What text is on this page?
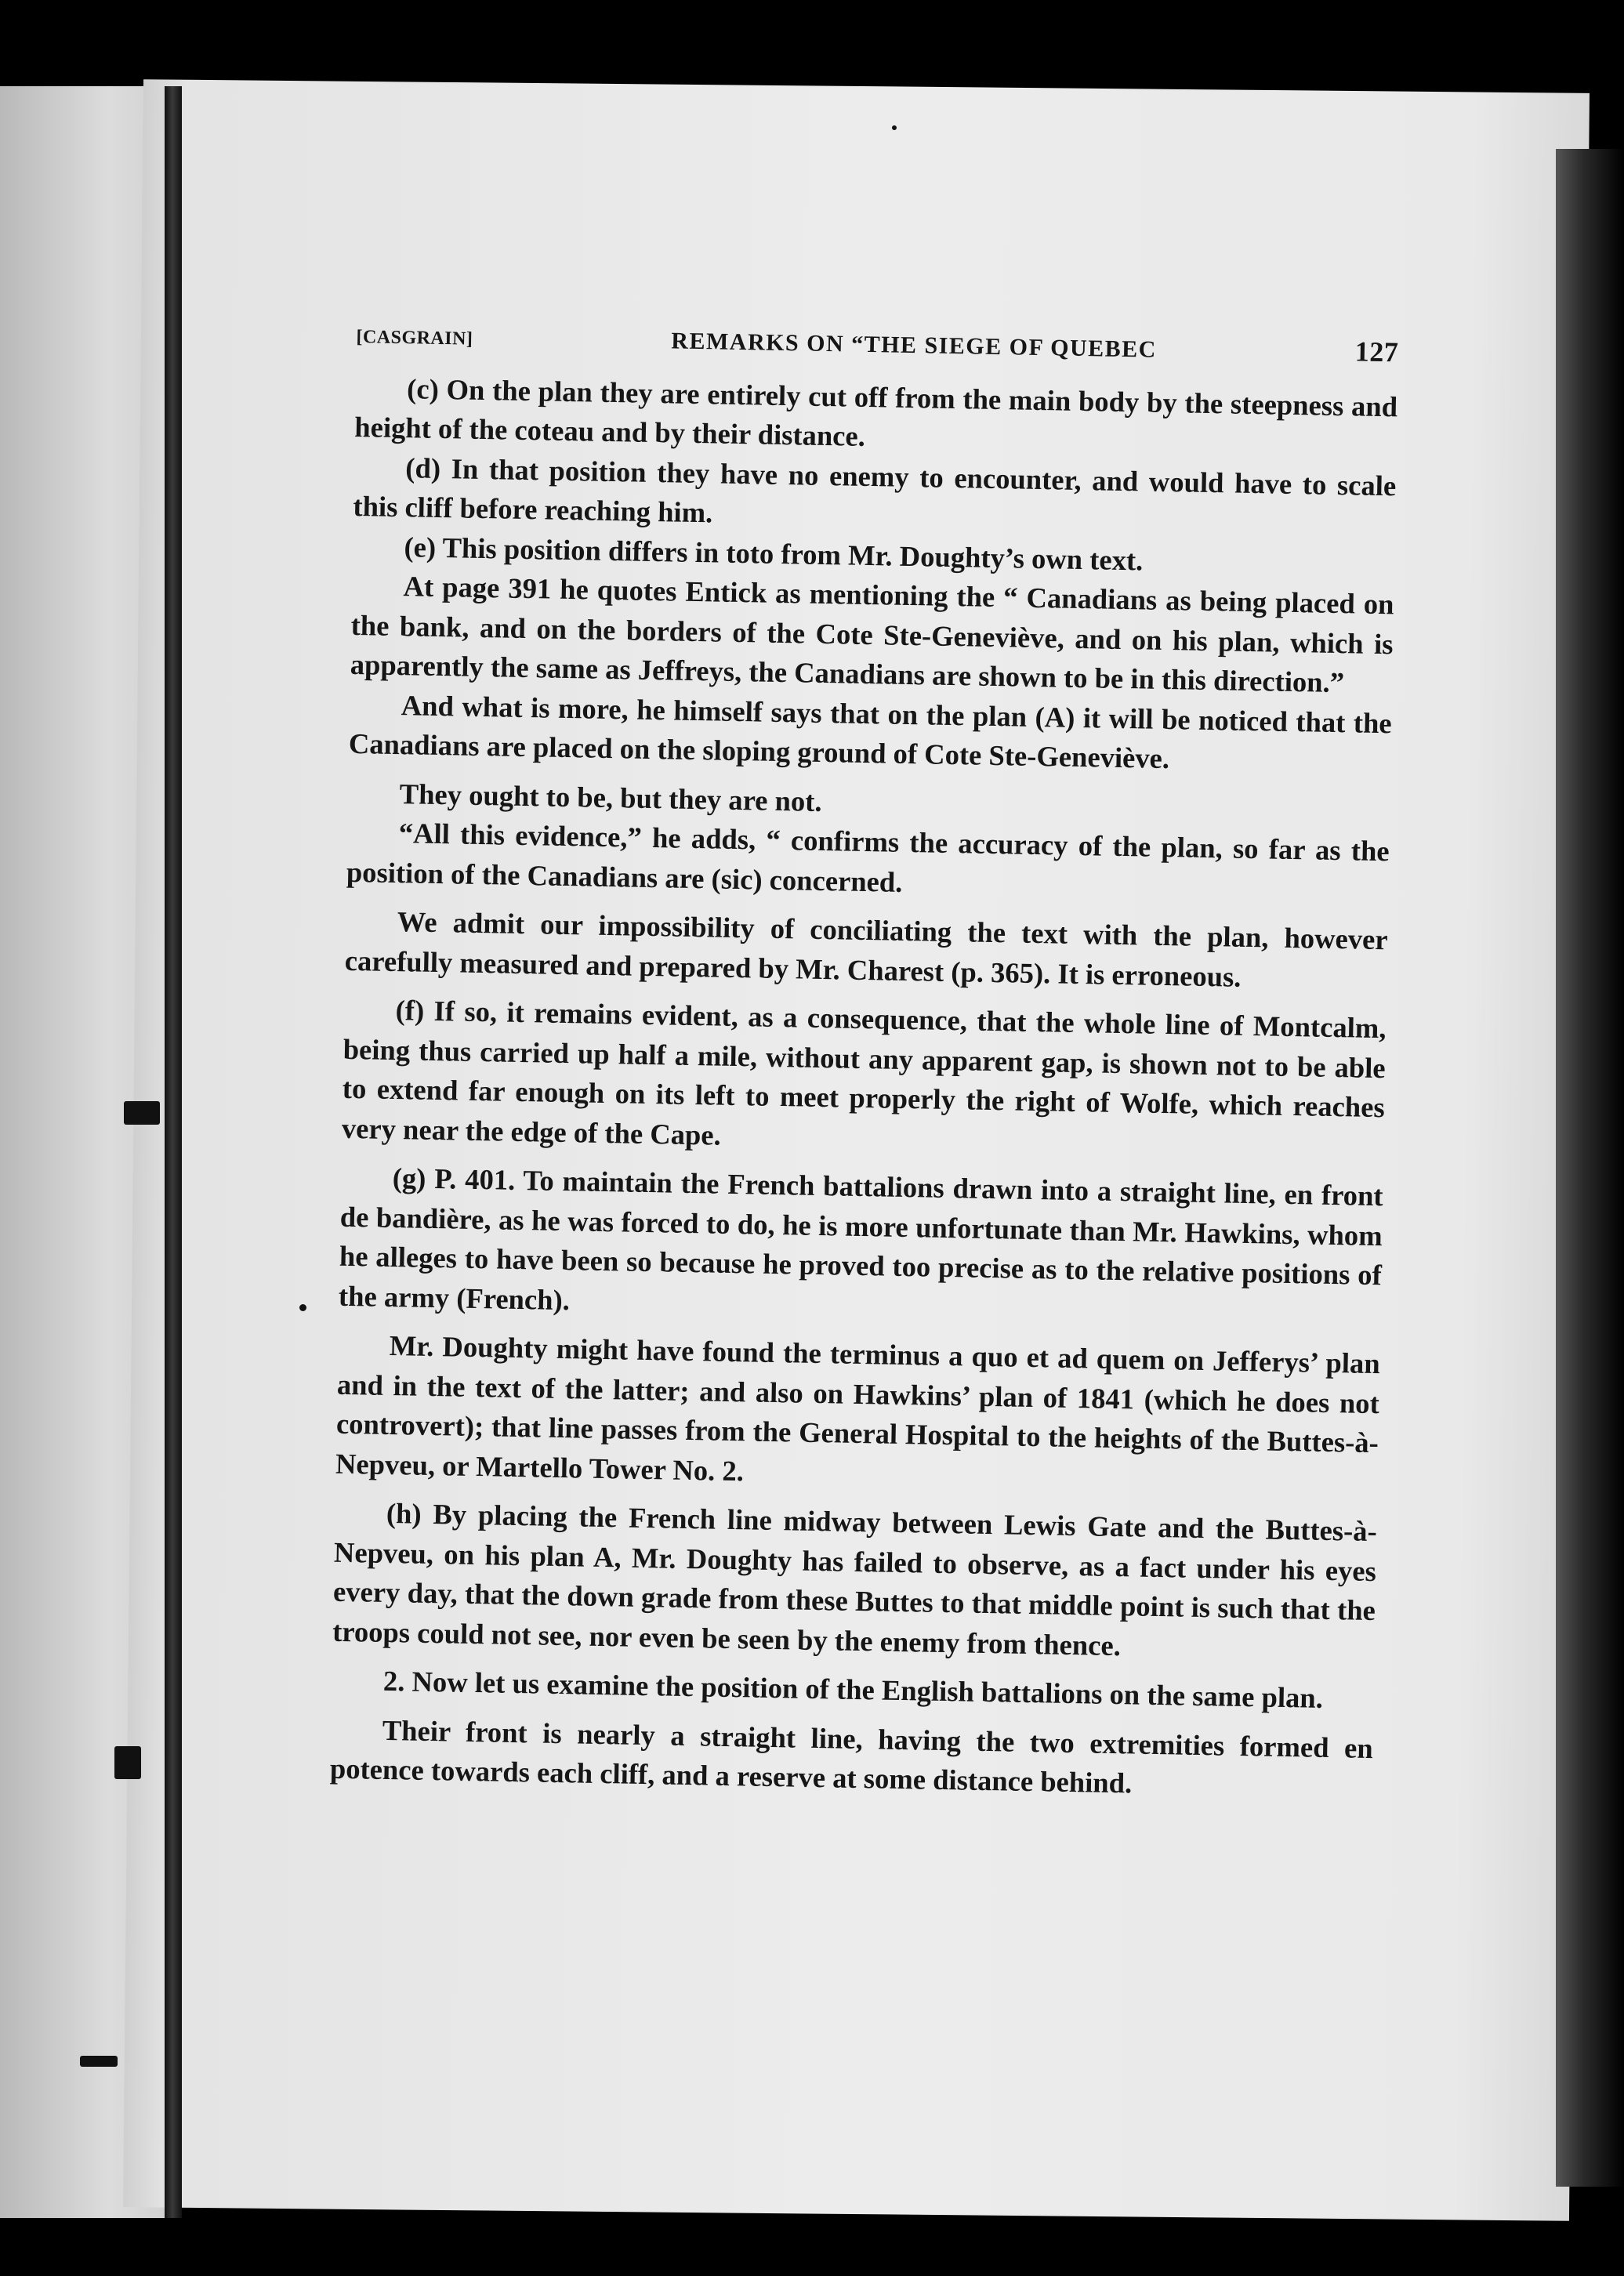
[CASGRAIN]	REMARKS ON “THE SIEGE OF QUEBEC	127

(c) On the plan they are entirely cut off from the main body by the steepness and height of the coteau and by their distance.

(d) In that position they have no enemy to encounter, and would have to scale this cliff before reaching him.

(e) This position differs in toto from Mr. Doughty’s own text.

At page 391 he quotes Entick as mentioning the “ Canadians as being placed on the bank, and on the borders of the Cote Ste-Geneviève, and on his plan, which is apparently the same as Jeffreys, the Canadians are shown to be in this direction.”

And what is more, he himself says that on the plan (A) it will be noticed that the Canadians are placed on the sloping ground of Cote Ste-Geneviève.

They ought to be, but they are not.

“All this evidence,” he adds, “ confirms the accuracy of the plan, so far as the position of the Canadians are (sic) concerned.

We admit our impossibility of conciliating the text with the plan, however carefully measured and prepared by Mr. Charest (p. 365). It is erroneous.

(f) If so, it remains evident, as a consequence, that the whole line of Montcalm, being thus carried up half a mile, without any apparent gap, is shown not to be able to extend far enough on its left to meet properly the right of Wolfe, which reaches very near the edge of the Cape.

(g) P. 401. To maintain the French battalions drawn into a straight line, en front de bandière, as he was forced to do, he is more unfortunate than Mr. Hawkins, whom he alleges to have been so because he proved too precise as to the relative positions of the army (French).

Mr. Doughty might have found the terminus a quo et ad quem on Jefferys’ plan and in the text of the latter; and also on Hawkins’ plan of 1841 (which he does not controvert); that line passes from the General Hospital to the heights of the Buttes-à-Nepveu, or Martello Tower No. 2.

(h) By placing the French line midway between Lewis Gate and the Buttes-à-Nepveu, on his plan A, Mr. Doughty has failed to observe, as a fact under his eyes every day, that the down grade from these Buttes to that middle point is such that the troops could not see, nor even be seen by the enemy from thence.

2. Now let us examine the position of the English battalions on the same plan.

Their front is nearly a straight line, having the two extremities formed en potence towards each cliff, and a reserve at some distance behind.
